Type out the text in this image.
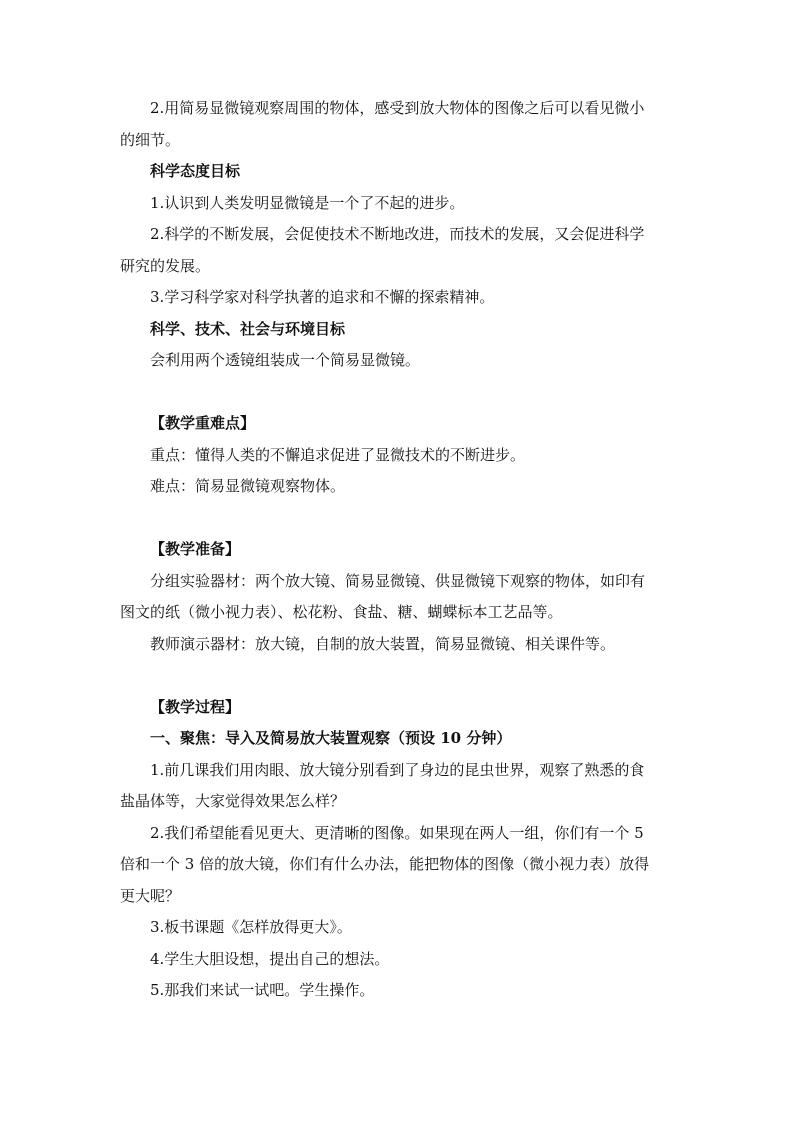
2.用简易显微镜观察周围的物体，感受到放大物体的图像之后可以看见微小
的细节。

科学态度目标

1.认识到人类发明显微镜是一个了不起的进步。

2.科学的不断发展，会促使技术不断地改进，而技术的发展，又会促进科学
研究的发展。

3.学习科学家对科学执著的追求和不懈的探索精神。

科学、技术、社会与环境目标

会利用两个透镜组装成一个简易显微镜。

【教学重难点】

重点：懂得人类的不懈追求促进了显微技术的不断进步。

难点：简易显微镜观察物体。

【教学准备】

分组实验器材：两个放大镜、简易显微镜、供显微镜下观察的物体，如印有
图文的纸（微小视力表）、松花粉、食盐、糖、蝴蝶标本工艺品等。

教师演示器材：放大镜，自制的放大装置，简易显微镜、相关课件等。

【教学过程】

一、聚焦：导入及简易放大装置观察（预设 10 分钟）

1.前几课我们用肉眼、放大镜分别看到了身边的昆虫世界，观察了熟悉的食
盐晶体等，大家觉得效果怎么样？
2.我们希望能看见更大、更清晰的图像。如果现在两人一组，你们有一个 5
倍和一个 3 倍的放大镜，你们有什么办法，能把物体的图像（微小视力表）放得
更大呢？

3.板书课题《怎样放得更大》。

4.学生大胆设想，提出自己的想法。

5.那我们来试一试吧。学生操作。
